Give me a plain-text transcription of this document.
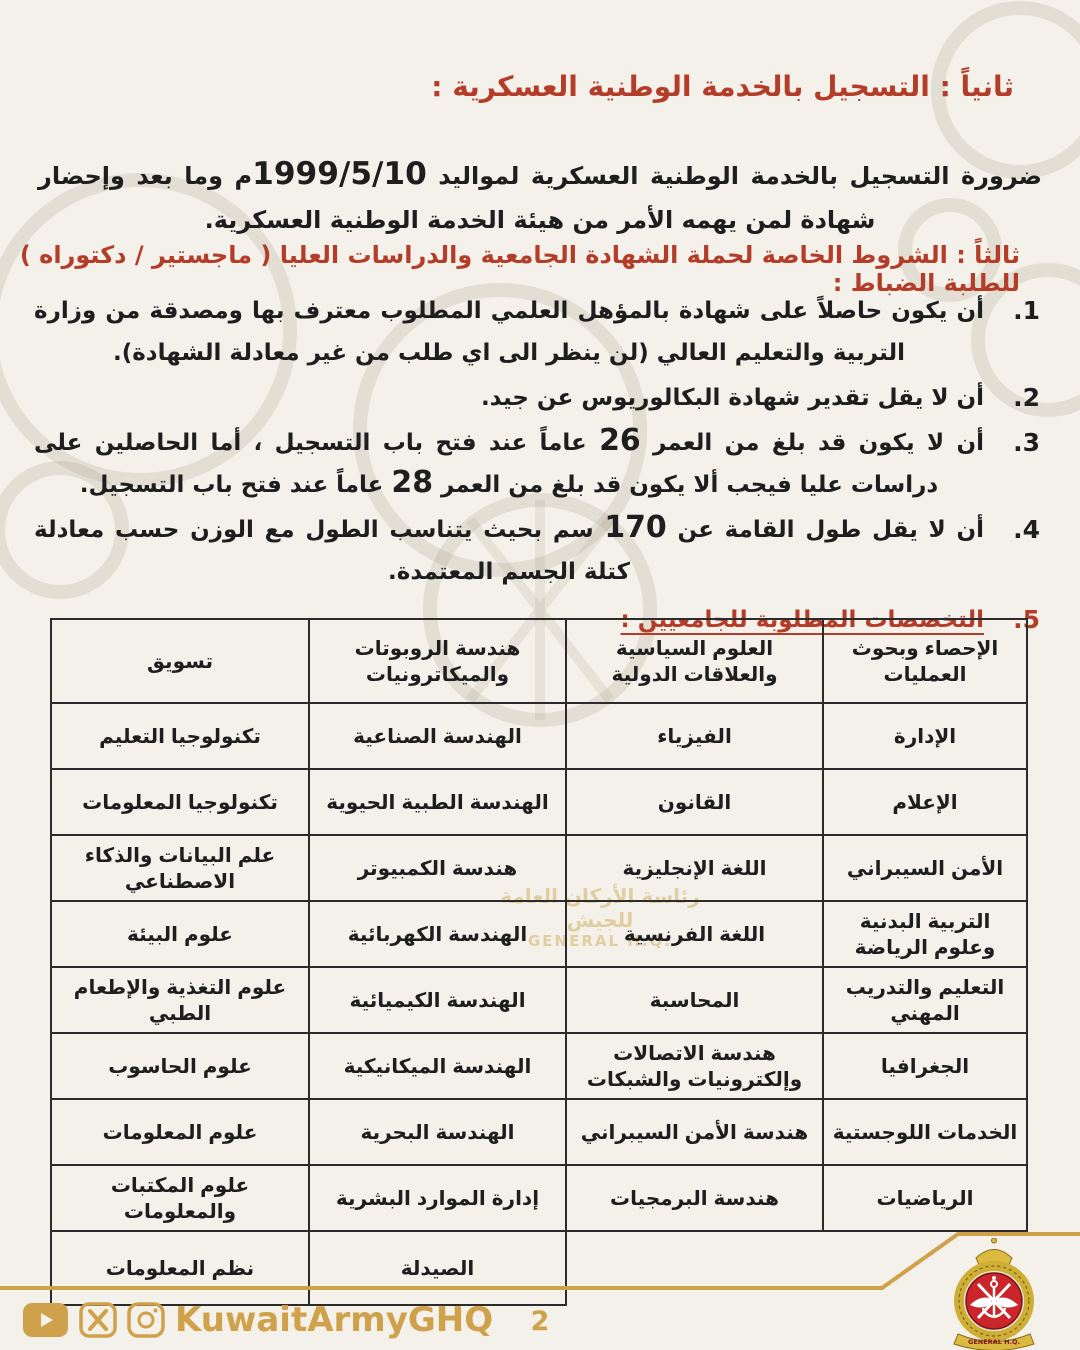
رئاسة الأركان العامة للجيش
GENERAL H.Q.
ثانياً : التسجيل بالخدمة الوطنية العسكرية :

ضرورة التسجيل بالخدمة الوطنية العسكرية لمواليد 1999/5/10م وما بعد وإحضار شهادة لمن يهمه الأمر من هيئة الخدمة الوطنية العسكرية.

ثالثاً : الشروط الخاصة لحملة الشهادة الجامعية والدراسات العليا ( ماجستير / دكتوراه ) للطلبة الضباط :
1.
أن يكون حاصلاً على شهادة بالمؤهل العلمي المطلوب معترف بها ومصدقة من وزارة التربية والتعليم العالي (لن ينظر الى اي طلب من غير معادلة الشهادة).
2.
أن لا يقل تقدير شهادة البكالوريوس عن جيد.
3.
أن لا يكون قد بلغ من العمر 26 عاماً عند فتح باب التسجيل ، أما الحاصلين على دراسات عليا فيجب ألا يكون قد بلغ من العمر 28 عاماً عند فتح باب التسجيل.
4.
أن لا يقل طول القامة عن 170 سم بحيث يتناسب الطول مع الوزن حسب معادلة كتلة الجسم المعتمدة.
5.
التخصصات المطلوبة للجامعيين :
الإحصاء وبحوث العمليات	العلوم السياسية والعلاقات الدولية	هندسة الروبوتات والميكاترونيات	تسويق
الإدارة	الفيزياء	الهندسة الصناعية	تكنولوجيا التعليم
الإعلام	القانون	الهندسة الطبية الحيوية	تكنولوجيا المعلومات
الأمن السيبراني	اللغة الإنجليزية	هندسة الكمبيوتر	علم البيانات والذكاء الاصطناعي
التربية البدنية وعلوم الرياضة	اللغة الفرنسية	الهندسة الكهربائية	علوم البيئة
التعليم والتدريب المهني	المحاسبة	الهندسة الكيميائية	علوم التغذية والإطعام الطبي
الجغرافيا	هندسة الاتصالات وإلكترونيات والشبكات	الهندسة الميكانيكية	علوم الحاسوب
الخدمات اللوجستية	هندسة الأمن السيبراني	الهندسة البحرية	علوم المعلومات
الرياضيات	هندسة البرمجيات	إدارة الموارد البشرية	علوم المكتبات والمعلومات
		الصيدلة	نظم المعلومات
KuwaitArmyGHQ	2
GENERAL H.Q.
